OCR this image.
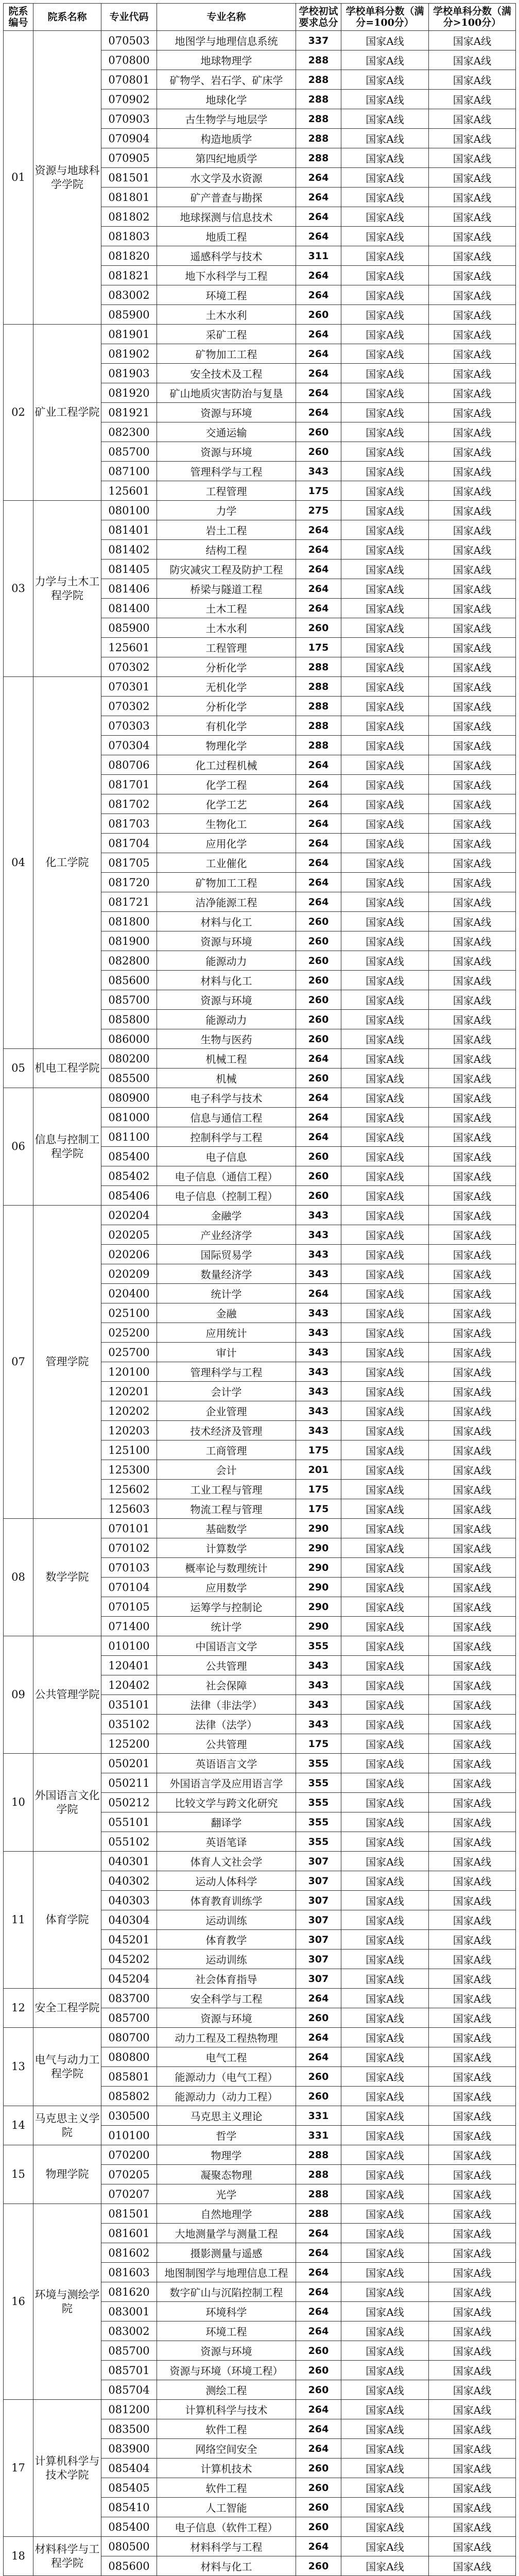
院系编号	院系名称	专业代码	专业名称	学校初试要求总分	学校单科分数（满分=100分）	学校单科分数（满分>100分）
01	资源与地球科学学院	070503	地图学与地理信息系统	337	国家A线	国家A线
		070800	地球物理学	288	国家A线	国家A线
		070801	矿物学、岩石学、矿床学	288	国家A线	国家A线
		070902	地球化学	288	国家A线	国家A线
		070903	古生物学与地层学	288	国家A线	国家A线
		070904	构造地质学	288	国家A线	国家A线
		070905	第四纪地质学	288	国家A线	国家A线
		081501	水文学及水资源	264	国家A线	国家A线
		081801	矿产普查与勘探	264	国家A线	国家A线
		081802	地球探测与信息技术	264	国家A线	国家A线
		081803	地质工程	264	国家A线	国家A线
		081820	遥感科学与技术	311	国家A线	国家A线
		081821	地下水科学与工程	264	国家A线	国家A线
		083002	环境工程	264	国家A线	国家A线
		085900	土木水利	260	国家A线	国家A线
02	矿业工程学院	081901	采矿工程	264	国家A线	国家A线
		081902	矿物加工工程	264	国家A线	国家A线
		081903	安全技术及工程	264	国家A线	国家A线
		081920	矿山地质灾害防治与复垦	264	国家A线	国家A线
		081921	资源与环境	264	国家A线	国家A线
		082300	交通运输	260	国家A线	国家A线
		085700	资源与环境	260	国家A线	国家A线
		087100	管理科学与工程	343	国家A线	国家A线
		125601	工程管理	175	国家A线	国家A线
03	力学与土木工程学院	080100	力学	275	国家A线	国家A线
		081401	岩土工程	264	国家A线	国家A线
		081402	结构工程	264	国家A线	国家A线
		081405	防灾减灾工程及防护工程	264	国家A线	国家A线
		081406	桥梁与隧道工程	264	国家A线	国家A线
		081400	土木工程	264	国家A线	国家A线
		085900	土木水利	260	国家A线	国家A线
		125601	工程管理	175	国家A线	国家A线
		070302	分析化学	288	国家A线	国家A线
04	化工学院	070301	无机化学	288	国家A线	国家A线
		070302	分析化学	288	国家A线	国家A线
		070303	有机化学	288	国家A线	国家A线
		070304	物理化学	288	国家A线	国家A线
		080706	化工过程机械	264	国家A线	国家A线
		081701	化学工程	264	国家A线	国家A线
		081702	化学工艺	264	国家A线	国家A线
		081703	生物化工	264	国家A线	国家A线
		081704	应用化学	264	国家A线	国家A线
		081705	工业催化	264	国家A线	国家A线
		081720	矿物加工工程	264	国家A线	国家A线
		081721	洁净能源工程	264	国家A线	国家A线
		081800	材料与化工	260	国家A线	国家A线
		081900	资源与环境	260	国家A线	国家A线
		082800	能源动力	260	国家A线	国家A线
		085600	材料与化工	260	国家A线	国家A线
		085700	资源与环境	260	国家A线	国家A线
		085800	能源动力	260	国家A线	国家A线
		086000	生物与医药	260	国家A线	国家A线
05	机电工程学院	080200	机械工程	264	国家A线	国家A线
		085500	机械	260	国家A线	国家A线
06	信息与控制工程学院	080900	电子科学与技术	264	国家A线	国家A线
		081000	信息与通信工程	264	国家A线	国家A线
		081100	控制科学与工程	264	国家A线	国家A线
		085400	电子信息	260	国家A线	国家A线
		085402	电子信息（通信工程）	260	国家A线	国家A线
		085406	电子信息（控制工程）	260	国家A线	国家A线
07	管理学院	020204	金融学	343	国家A线	国家A线
		020205	产业经济学	343	国家A线	国家A线
		020206	国际贸易学	343	国家A线	国家A线
		020209	数量经济学	343	国家A线	国家A线
		020400	统计学	264	国家A线	国家A线
		025100	金融	343	国家A线	国家A线
		025200	应用统计	343	国家A线	国家A线
		025700	审计	343	国家A线	国家A线
		120100	管理科学与工程	343	国家A线	国家A线
		120201	会计学	343	国家A线	国家A线
		120202	企业管理	343	国家A线	国家A线
		120203	技术经济及管理	343	国家A线	国家A线
		125100	工商管理	175	国家A线	国家A线
		125300	会计	201	国家A线	国家A线
		125602	工业工程与管理	175	国家A线	国家A线
		125603	物流工程与管理	175	国家A线	国家A线
08	数学学院	070101	基础数学	290	国家A线	国家A线
		070102	计算数学	290	国家A线	国家A线
		070103	概率论与数理统计	290	国家A线	国家A线
		070104	应用数学	290	国家A线	国家A线
		070105	运筹学与控制论	290	国家A线	国家A线
		071400	统计学	290	国家A线	国家A线
09	公共管理学院	010100	中国语言文学	355	国家A线	国家A线
		120401	公共管理	343	国家A线	国家A线
		120402	社会保障	343	国家A线	国家A线
		035101	法律（非法学）	343	国家A线	国家A线
		035102	法律（法学）	343	国家A线	国家A线
		125200	公共管理	175	国家A线	国家A线
10	外国语言文化学院	050201	英语语言文学	355	国家A线	国家A线
		050211	外国语言学及应用语言学	355	国家A线	国家A线
		050212	比较文学与跨文化研究	355	国家A线	国家A线
		055101	翻译学	355	国家A线	国家A线
		055102	英语笔译	355	国家A线	国家A线
11	体育学院	040301	体育人文社会学	307	国家A线	国家A线
		040302	运动人体科学	307	国家A线	国家A线
		040303	体育教育训练学	307	国家A线	国家A线
		040304	运动训练	307	国家A线	国家A线
		045201	体育教学	307	国家A线	国家A线
		045202	运动训练	307	国家A线	国家A线
		045204	社会体育指导	307	国家A线	国家A线
12	安全工程学院	083700	安全科学与工程	264	国家A线	国家A线
		085700	资源与环境	260	国家A线	国家A线
13	电气与动力工程学院	080700	动力工程及工程热物理	264	国家A线	国家A线
		080800	电气工程	264	国家A线	国家A线
		085801	能源动力（电气工程）	260	国家A线	国家A线
		085802	能源动力（动力工程）	260	国家A线	国家A线
14	马克思主义学院	030500	马克思主义理论	331	国家A线	国家A线
		010100	哲学	331	国家A线	国家A线
15	物理学院	070200	物理学	288	国家A线	国家A线
		070205	凝聚态物理	288	国家A线	国家A线
		070207	光学	288	国家A线	国家A线
16	环境与测绘学院	081501	自然地理学	288	国家A线	国家A线
		081601	大地测量学与测量工程	264	国家A线	国家A线
		081602	摄影测量与遥感	264	国家A线	国家A线
		081603	地图制图学与地理信息工程	264	国家A线	国家A线
		081620	数字矿山与沉陷控制工程	264	国家A线	国家A线
		083001	环境科学	264	国家A线	国家A线
		083002	环境工程	264	国家A线	国家A线
		085700	资源与环境	260	国家A线	国家A线
		085701	资源与环境（环境工程）	260	国家A线	国家A线
		085704	测绘工程	260	国家A线	国家A线
17	计算机科学与技术学院	081200	计算机科学与技术	264	国家A线	国家A线
		083500	软件工程	264	国家A线	国家A线
		083900	网络空间安全	264	国家A线	国家A线
		085404	计算机技术	260	国家A线	国家A线
		085405	软件工程	260	国家A线	国家A线
		085410	人工智能	260	国家A线	国家A线
		085400	电子信息（软件工程）	260	国家A线	国家A线
18	材料科学与工程学院	080500	材料科学与工程	264	国家A线	国家A线
		085600	材料与化工	260	国家A线	国家A线
